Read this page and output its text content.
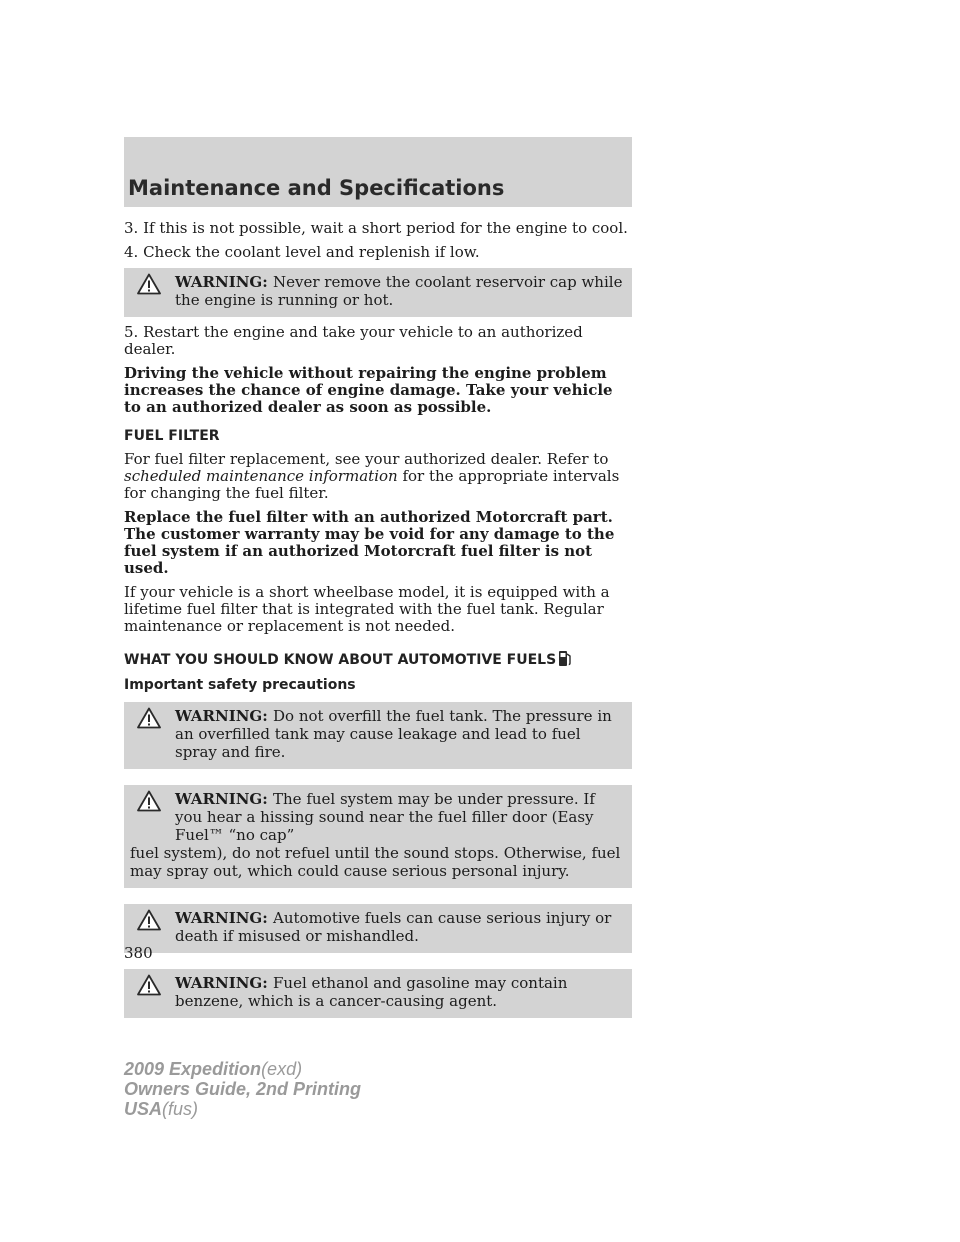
Maintenance and Specifications

3. If this is not possible, wait a short period for the engine to cool.

4. Check the coolant level and replenish if low.

WARNING: Never remove the coolant reservoir cap while the engine is running or hot.

5. Restart the engine and take your vehicle to an authorized dealer.

Driving the vehicle without repairing the engine problem increases the chance of engine damage. Take your vehicle to an authorized dealer as soon as possible.

FUEL FILTER

For fuel filter replacement, see your authorized dealer. Refer to scheduled maintenance information for the appropriate intervals for changing the fuel filter.

Replace the fuel filter with an authorized Motorcraft part. The customer warranty may be void for any damage to the fuel system if an authorized Motorcraft fuel filter is not used.

If your vehicle is a short wheelbase model, it is equipped with a lifetime fuel filter that is integrated with the fuel tank. Regular maintenance or replacement is not needed.

WHAT YOU SHOULD KNOW ABOUT AUTOMOTIVE FUELS
Important safety precautions
WARNING: Do not overfill the fuel tank. The pressure in an overfilled tank may cause leakage and lead to fuel spray and fire.
WARNING: The fuel system may be under pressure. If you hear a hissing sound near the fuel filler door (Easy Fuel™ “no cap”
fuel system), do not refuel until the sound stops. Otherwise, fuel may spray out, which could cause serious personal injury.
WARNING: Automotive fuels can cause serious injury or death if misused or mishandled.
WARNING: Fuel ethanol and gasoline may contain benzene, which is a cancer-causing agent.
380
2009 Expedition(exd)
Owners Guide, 2nd Printing
USA(fus)
